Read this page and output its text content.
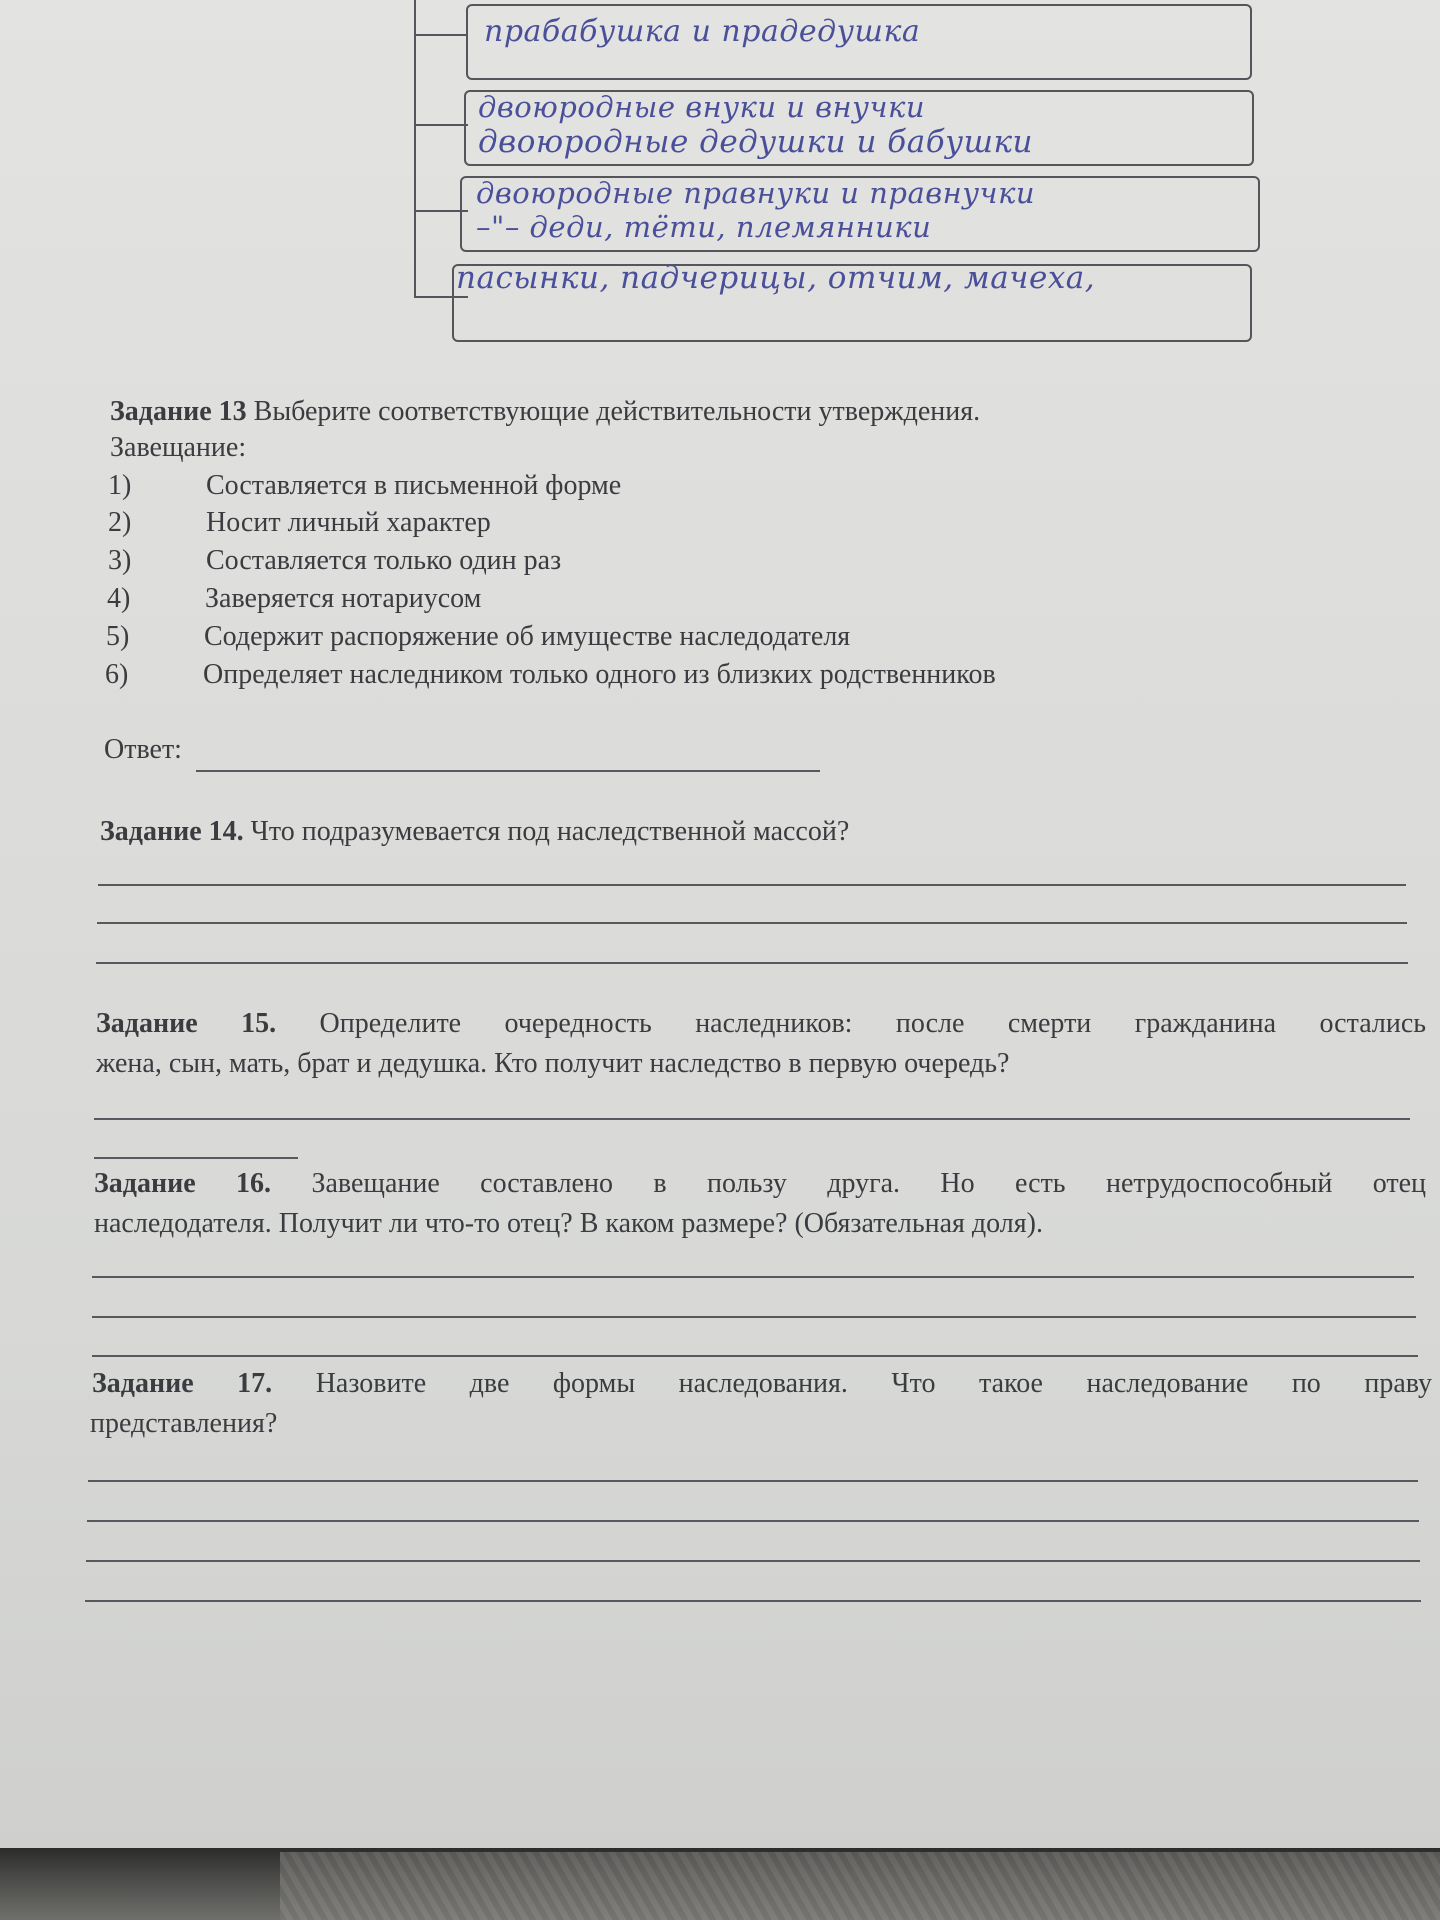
прабабушка и прадедушка
двоюродные внуки и внучки
двоюродные дедушки и бабушки
двоюродные правнуки и правнучки
–"– деди, тёти, племянники
пасынки, падчерицы, отчим, мачеха,
Задание 13 Выберите соответствующие действительности утверждения.
Завещание:
1)	Составляется в письменной форме
2)	Носит личный характер
3)	Составляется только один раз
4)	Заверяется нотариусом
5)	Содержит распоряжение об имуществе наследодателя
6)	Определяет наследником только одного из близких родственников
Ответ:
Задание 14. Что подразумевается под наследственной массой?
Задание 15. Определите очередность наследников: после смерти гражданина остались
жена, сын, мать, брат и дедушка. Кто получит наследство в первую очередь?
Задание 16. Завещание составлено в пользу друга. Но есть нетрудоспособный отец
наследодателя. Получит ли что-то отец? В каком размере? (Обязательная доля).
Задание 17. Назовите две формы наследования. Что такое наследование по праву
представления?
